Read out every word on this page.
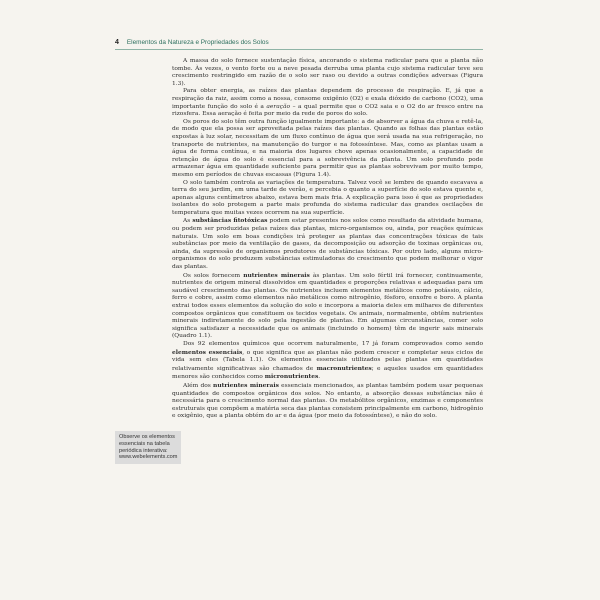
4 Elementos da Natureza e Propriedades dos Solos

A massa do solo fornece sustentação física, ancorando o sistema radicular para que a planta não tombe. Às vezes, o vento forte ou a neve pesada derruba uma planta cujo sistema radicular teve seu crescimento restringido em razão de o solo ser raso ou devido a outras condições adversas (Figura 1.3).

Para obter energia, as raízes das plantas dependem do processo de respiração. E, já que a respiração da raiz, assim como a nossa, consome oxigênio (O2) e exala dióxido de carbono (CO2), uma importante função do solo é a aeração – a qual permite que o CO2 saia e o O2 do ar fresco entre na rizosfera. Essa aeração é feita por meio da rede de poros do solo.

Os poros do solo têm outra função igualmente importante: a de absorver a água da chuva e retê-la, de modo que ela possa ser aproveitada pelas raízes das plantas. Quando as folhas das plantas estão expostas à luz solar, necessitam de um fluxo contínuo de água que será usada na sua refrigeração, no transporte de nutrientes, na manutenção do turgor e na fotossíntese. Mas, como as plantas usam a água de forma contínua, e na maioria dos lugares chove apenas ocasionalmente, a capacidade de retenção de água do solo é essencial para a sobrevivência da planta. Um solo profundo pode armazenar água em quantidade suficiente para permitir que as plantas sobrevivam por muito tempo, mesmo em períodos de chuvas escassas (Figura 1.4).

O solo também controla as variações de temperatura. Talvez você se lembre de quando escavava a terra do seu jardim, em uma tarde de verão, e percebia o quanto a superfície do solo estava quente e, apenas alguns centímetros abaixo, estava bem mais fria. A explicação para isso é que as propriedades isolantes do solo protegem a parte mais profunda do sistema radicular das grandes oscilações de temperatura que muitas vezes ocorrem na sua superfície.

As substâncias fitotóxicas podem estar presentes nos solos como resultado da atividade humana, ou podem ser produzidas pelas raízes das plantas, micro-organismos ou, ainda, por reações químicas naturais. Um solo em boas condições irá proteger as plantas das concentrações tóxicas de tais substâncias por meio da ventilação de gases, da decomposição ou adsorção de toxinas orgânicas ou, ainda, da supressão de organismos produtores de substâncias tóxicas. Por outro lado, alguns micro-organismos do solo produzem substâncias estimuladoras do crescimento que podem melhorar o vigor das plantas.

Os solos fornecem nutrientes minerais às plantas. Um solo fértil irá fornecer, continuamente, nutrientes de origem mineral dissolvidos em quantidades e proporções relativas e adequadas para um saudável crescimento das plantas. Os nutrientes incluem elementos metálicos como potássio, cálcio, ferro e cobre, assim como elementos não metálicos como nitrogênio, fósforo, enxofre e boro. A planta extrai todos esses elementos da solução do solo e incorpora a maioria deles em milhares de diferentes compostos orgânicos que constituem os tecidos vegetais. Os animais, normalmente, obtêm nutrientes minerais indiretamente do solo pela ingestão de plantas. Em algumas circunstâncias, comer solo significa satisfazer a necessidade que os animais (incluindo o homem) têm de ingerir sais minerais (Quadro 1.1).

Dos 92 elementos químicos que ocorrem naturalmente, 17 já foram comprovados como sendo elementos essenciais, o que significa que as plantas não podem crescer e completar seus ciclos de vida sem eles (Tabela 1.1). Os elementos essenciais utilizados pelas plantas em quantidades relativamente significativas são chamados de macronutrientes; e aqueles usados em quantidades menores são conhecidos como micronutrientes.

Além dos nutrientes minerais essenciais mencionados, as plantas também podem usar pequenas quantidades de compostos orgânicos dos solos. No entanto, a absorção dessas substâncias não é necessária para o crescimento normal das plantas. Os metabólitos orgânicos, enzimas e componentes estruturais que compõem a matéria seca das plantas consistem principalmente em carbono, hidrogênio e oxigênio, que a planta obtém do ar e da água (por meio da fotossíntese), e não do solo.

Observe os elementos essenciais na tabela periódica interativa: www.webelements.com
